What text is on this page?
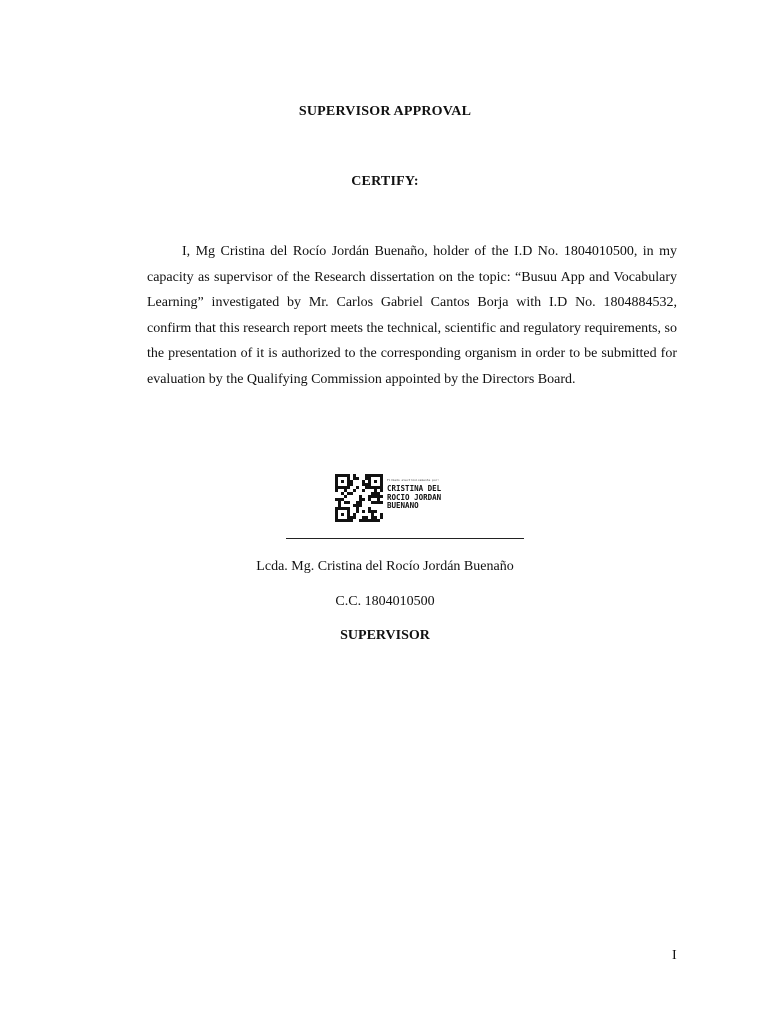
SUPERVISOR APPROVAL
CERTIFY:

I, Mg Cristina del Rocío Jordán Buenaño, holder of the I.D No. 1804010500, in my capacity as supervisor of the Research dissertation on the topic: “Busuu App and Vocabulary Learning” investigated by Mr. Carlos Gabriel Cantos Borja with I.D No. 1804884532, confirm that this research report meets the technical, scientific and regulatory requirements, so the presentation of it is authorized to the corresponding organism in order to be submitted for evaluation by the Qualifying Commission appointed by the Directors Board.

Firmado electrónicamente por:
CRISTINA DEL
ROCIO JORDAN
BUENANO
Lcda. Mg. Cristina del Rocío Jordán Buenaño
C.C. 1804010500
SUPERVISOR
I
